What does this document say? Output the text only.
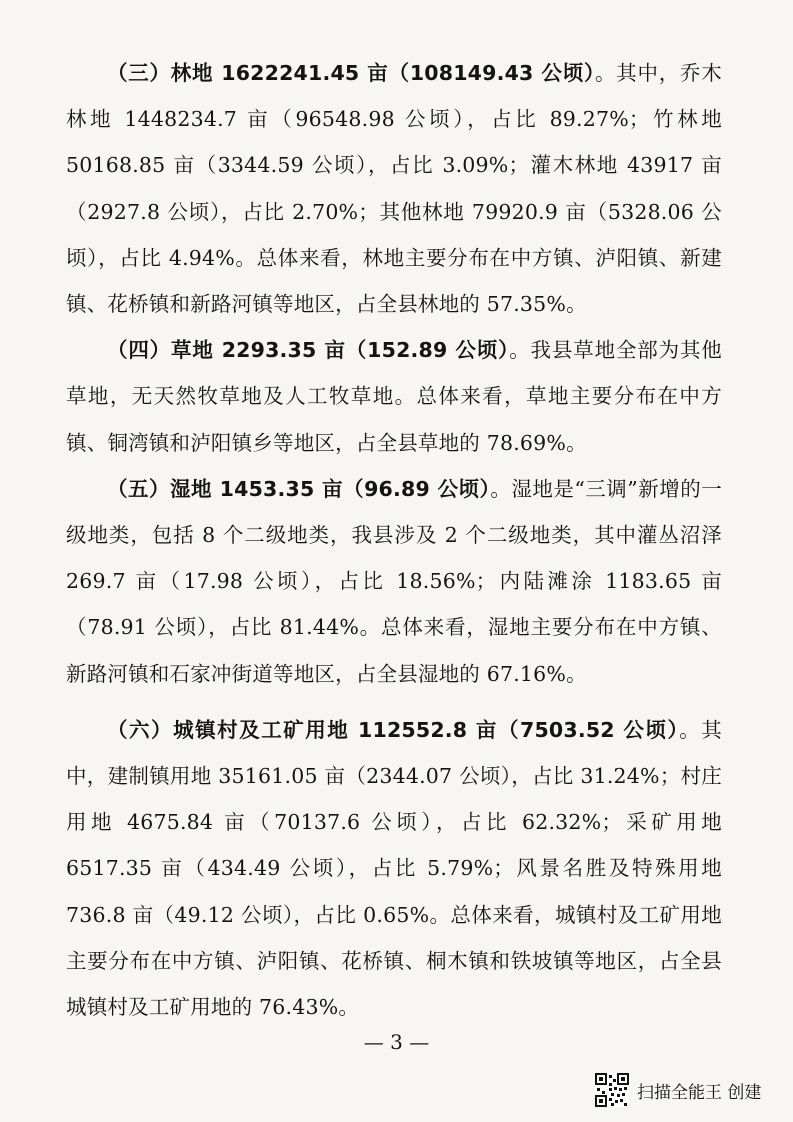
（三）林地 1622241.45 亩（108149.43 公顷）。其中，乔木林地 1448234.7 亩（96548.98 公顷），占比 89.27%；竹林地 50168.85 亩（3344.59 公顷），占比 3.09%；灌木林地 43917 亩（2927.8 公顷），占比 2.70%；其他林地 79920.9 亩（5328.06 公顷），占比 4.94%。总体来看，林地主要分布在中方镇、泸阳镇、新建镇、花桥镇和新路河镇等地区，占全县林地的 57.35%。

（四）草地 2293.35 亩（152.89 公顷）。我县草地全部为其他草地，无天然牧草地及人工牧草地。总体来看，草地主要分布在中方镇、铜湾镇和泸阳镇乡等地区，占全县草地的 78.69%。

（五）湿地 1453.35 亩（96.89 公顷）。湿地是“三调”新增的一级地类，包括 8 个二级地类，我县涉及 2 个二级地类，其中灌丛沼泽 269.7 亩（17.98 公顷），占比 18.56%；内陆滩涂 1183.65 亩（78.91 公顷），占比 81.44%。总体来看，湿地主要分布在中方镇、新路河镇和石家冲街道等地区，占全县湿地的 67.16%。

（六）城镇村及工矿用地 112552.8 亩（7503.52 公顷）。其中，建制镇用地 35161.05 亩（2344.07 公顷），占比 31.24%；村庄用地 4675.84 亩（70137.6 公顷），占比 62.32%；采矿用地 6517.35 亩（434.49 公顷），占比 5.79%；风景名胜及特殊用地 736.8 亩（49.12 公顷），占比 0.65%。总体来看，城镇村及工矿用地主要分布在中方镇、泸阳镇、花桥镇、桐木镇和铁坡镇等地区，占全县城镇村及工矿用地的 76.43%。

— 3 —
扫描全能王 创建
